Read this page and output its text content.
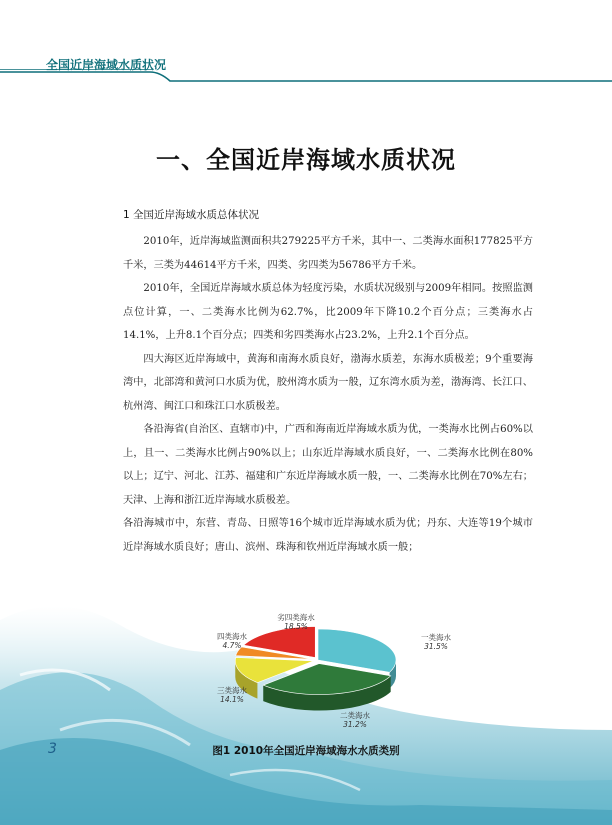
全国近岸海域水质状况
一、全国近岸海域水质状况
1 全国近岸海域水质总体状况

2010年，近岸海域监测面积共279225平方千米，其中一、二类海水面积177825平方千米，三类为44614平方千米，四类、劣四类为56786平方千米。

2010年，全国近岸海域水质总体为轻度污染，水质状况级别与2009年相同。按照监测点位计算，一、二类海水比例为62.7%，比2009年下降10.2个百分点；三类海水占14.1%，上升8.1个百分点；四类和劣四类海水占23.2%，上升2.1个百分点。

四大海区近岸海域中，黄海和南海水质良好，渤海水质差，东海水质极差；9个重要海湾中，北部湾和黄河口水质为优，胶州湾水质为一般，辽东湾水质为差，渤海湾、长江口、杭州湾、闽江口和珠江口水质极差。

各沿海省(自治区、直辖市)中，广西和海南近岸海域水质为优，一类海水比例占60%以上，且一、二类海水比例占90%以上；山东近岸海域水质良好，一、二类海水比例在80%以上；辽宁、河北、江苏、福建和广东近岸海域水质一般，一、二类海水比例在70%左右；天津、上海和浙江近岸海域水质极差。

各沿海城市中，东营、青岛、日照等16个城市近岸海域水质为优；丹东、大连等19个城市近岸海域水质良好；唐山、滨州、珠海和钦州近岸海域水质一般；

一类海水
31.5%
二类海水
31.2%
三类海水
14.1%
四类海水
4.7%
劣四类海水
18.5%
3	图1 2010年全国近岸海域海水水质类别
